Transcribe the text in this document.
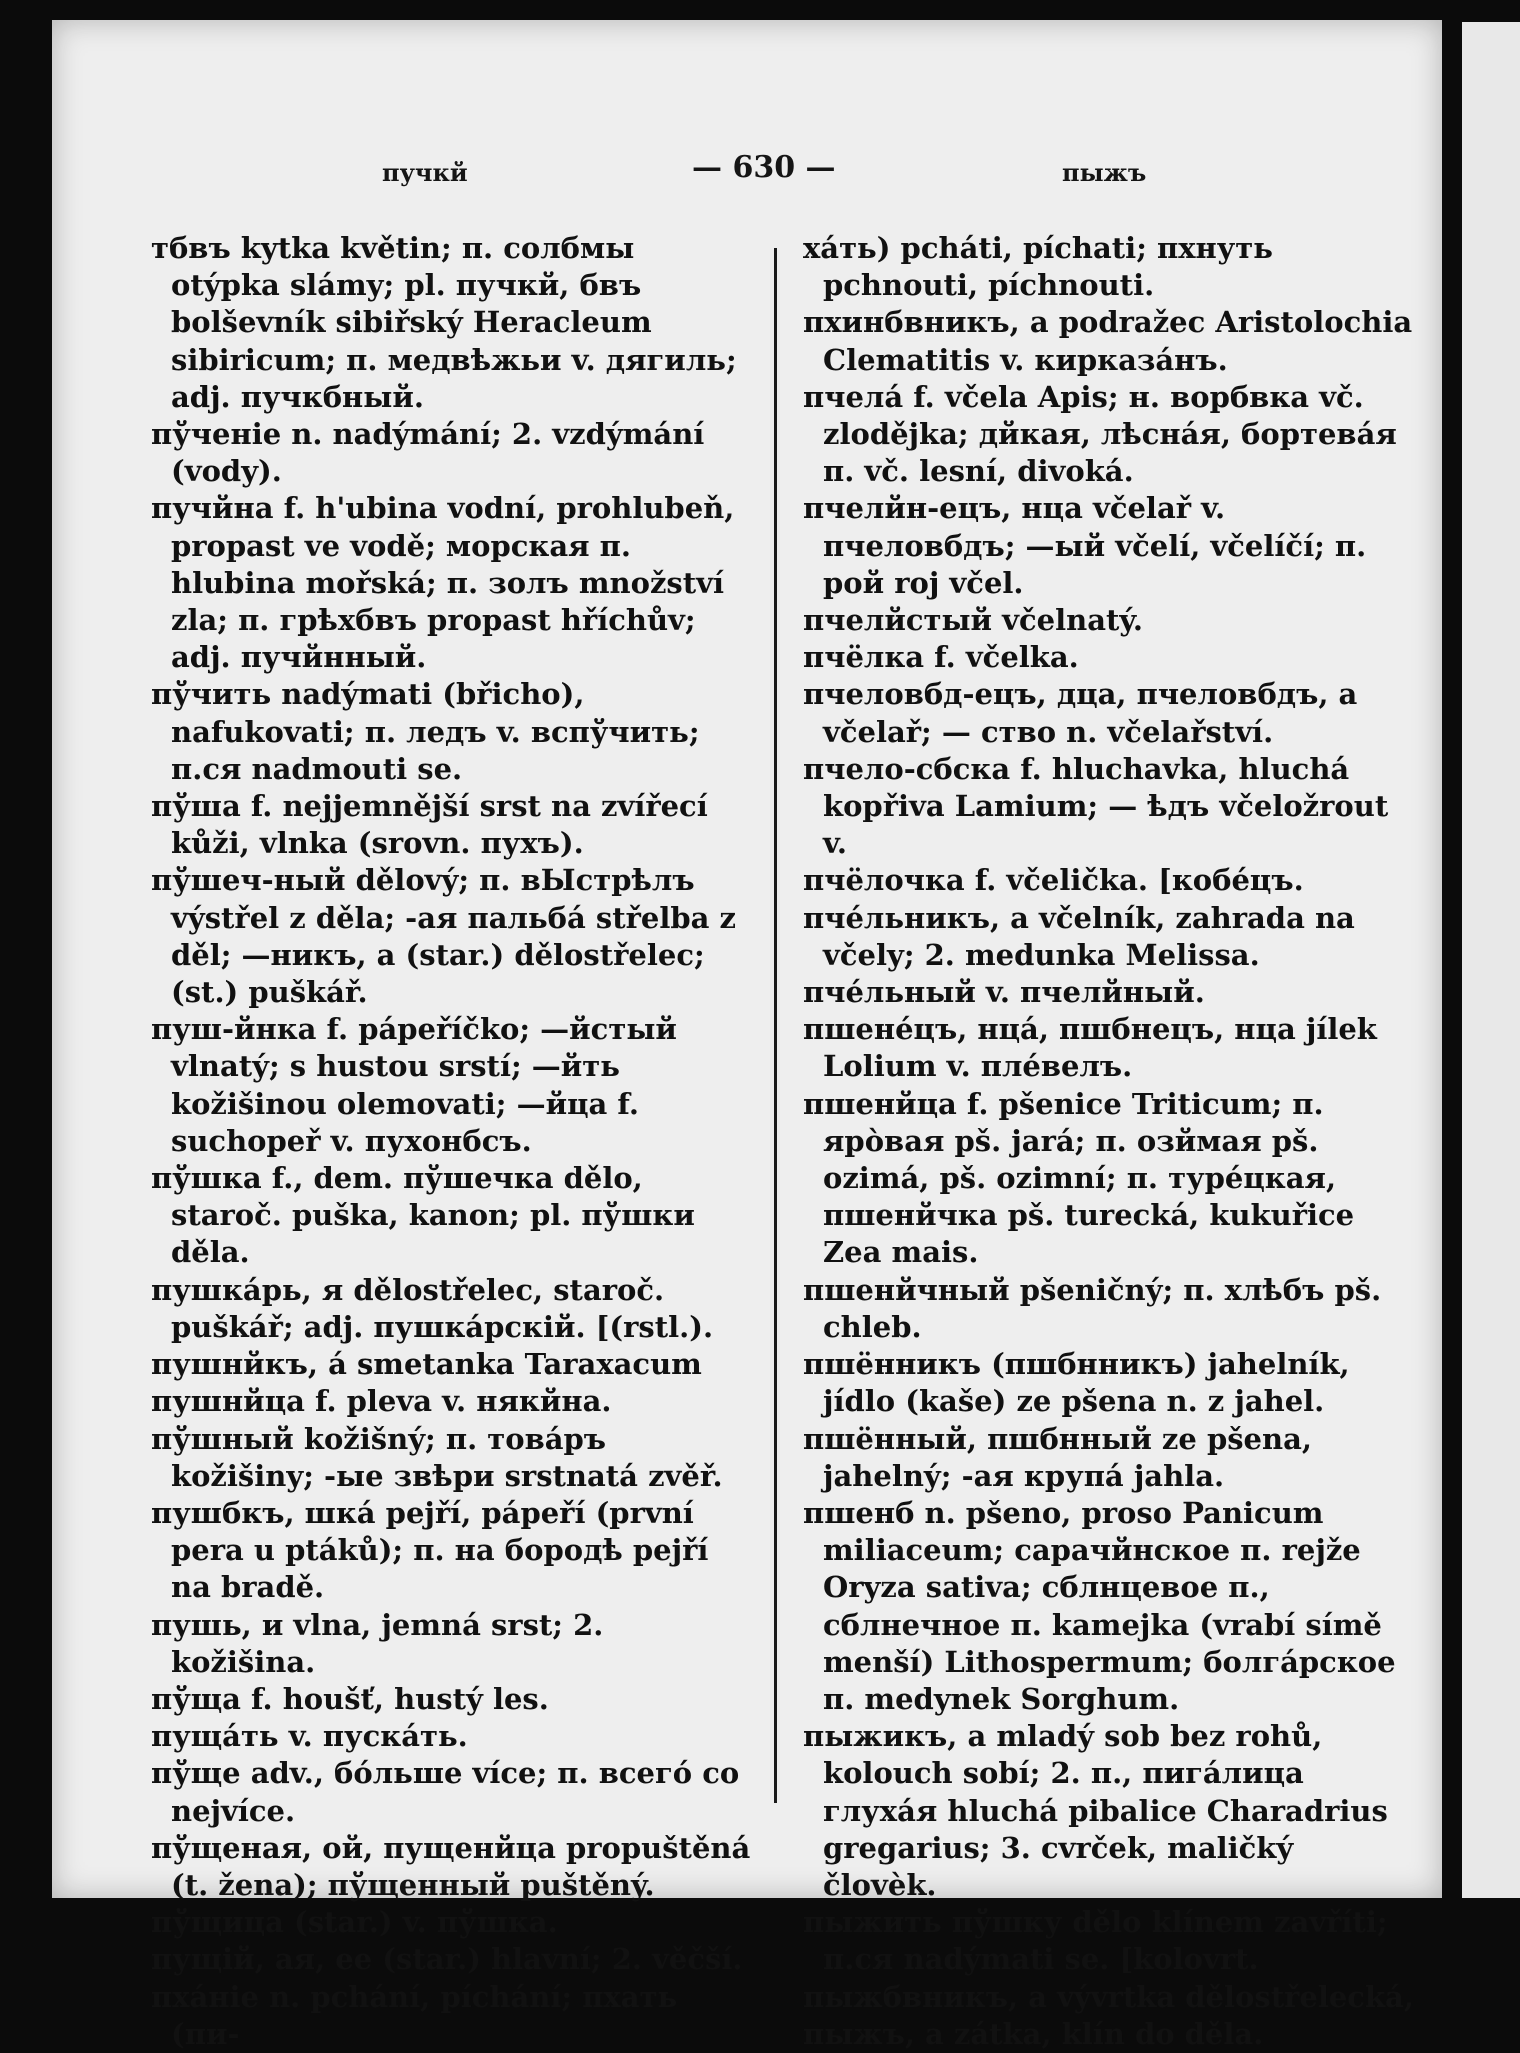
пучкй	— 630 —	пыжъ

тбвъ kytka květin; п. солбмы otýpka slámy; pl. пучкй, бвъ bolševník sibiřský Heracleum sibiricum; п. медвѣжьи v. дягиль; adj. пучкбный.

пўченіе n. nadýmání; 2. vzdýmání (vody).

пучйна f. h'ubina vodní, prohlubeň, propast ve vodě; морская п. hlubina mořská; п. золъ množství zla; п. грѣхбвъ propast hříchův; adj. пучйнный.

пўчить nadýmati (břicho), nafukovati; п. ледъ v. вспўчить; п.ся nadmouti se.

пўша f. nejjemnější srst na zvířecí kůži, vlnka (srovn. пухъ).

пўшеч-ный dělový; п. вЫстрѣлъ výstřel z děla; -ая пальбá střelba z děl; —никъ, a (star.) dělostřelec; (st.) puškář.

пуш-йнка f. pápeříčko; —йстый vlnatý; s hustou srstí; —йть kožišinou olemovati; —йца f. suchopeř v. пухонбсъ.

пўшка f., dem. пўшечка dělo, staroč. puška, kanon; pl. пўшки děla.

пушкáрь, я dělostřelec, staroč. puškář; adj. пушкáрскій. [(rstl.).

пушнйкъ, á smetanka Taraxacum

пушнйца f. pleva v. някйна.

пўшный kožišný; п. товáръ kožišiny; -ые звѣри srstnatá zvěř.

пушбкъ, шкá pejří, pápeří (první pera u ptáků); п. на бородѣ pejří na bradě.

пушь, и vlna, jemná srst; 2. kožišina.

пўща f. houšť, hustý les.

пущáть v. пускáть.

пўще adv., бóльше více; п. всегó co nejvíce.

пўщеная, ой, пущенйца propuštěná (t. žena); пўщенный puštěný.

пўщица (star.) v. пўшка.

пущій, ая, ее (star.) hlavní; 2. věčší.

пхáніе n. pchání, píchání; пхать (пи-

хáть) pcháti, píchati; пхнуть pchnouti, píchnouti.

пхинбвникъ, a podražec Aristolochia Clematitis v. кирказáнъ.

пчелá f. včela Apis; н. ворбвка vč. zlodějka; дйкая, лѣснáя, бортевáя п. vč. lesní, divoká.

пчелйн-ецъ, нца včelař v. пчеловбдъ; —ый včelí, včelíčí; п. рой roj včel.

пчелйстый včelnatý.

пчёлка f. včelka.

пчеловбд-ецъ, дца, пчеловбдъ, a včelař; — ство n. včelařství.

пчело-сбска f. hluchavka, hluchá kopřiva Lamium; — ѣдъ včeložrout v.

пчёлочка f. včelička. [кобéцъ.

пчéльникъ, a včelník, zahrada na včely; 2. medunka Melissa.

пчéльный v. пчелйный.

пшенéцъ, нцá, пшбнецъ, нца jílek Lolium v. плéвелъ.

пшенйца f. pšenice Triticum; п. ярòвая pš. jará; п. озймая pš. ozimá, pš. ozimní; п. турéцкая, пшенйчка pš. turecká, kukuřice Zea mais.

пшенйчный pšeničný; п. хлѣбъ pš. chleb.

пшённикъ (пшбнникъ) jahelník, jídlo (kaše) ze pšena n. z jahel.

пшённый, пшбнный ze pšena, jahelný; -ая крупá jahla.

пшенб n. pšeno, proso Panicum miliaceum; сарачйнское п. rejže Oryza sativa; сблнцевое п., сблнечное п. kamejka (vrabí símě menší) Lithospermum; болгáрское п. medynek Sorghum.

пыжикъ, a mladý sob bez rohů, kolouch sobí; 2. п., пигáлица глухáя hluchá pibalice Charadrius gregarius; 3. cvrček, maličký človèk.

пыжить пўшку dělo klínem zavříti; п.ся nadýmati se. [kolovrt.

пыжбвникъ, a vývrtka dělostřelecká,

пыжъ, a zátka, klín do děla.
